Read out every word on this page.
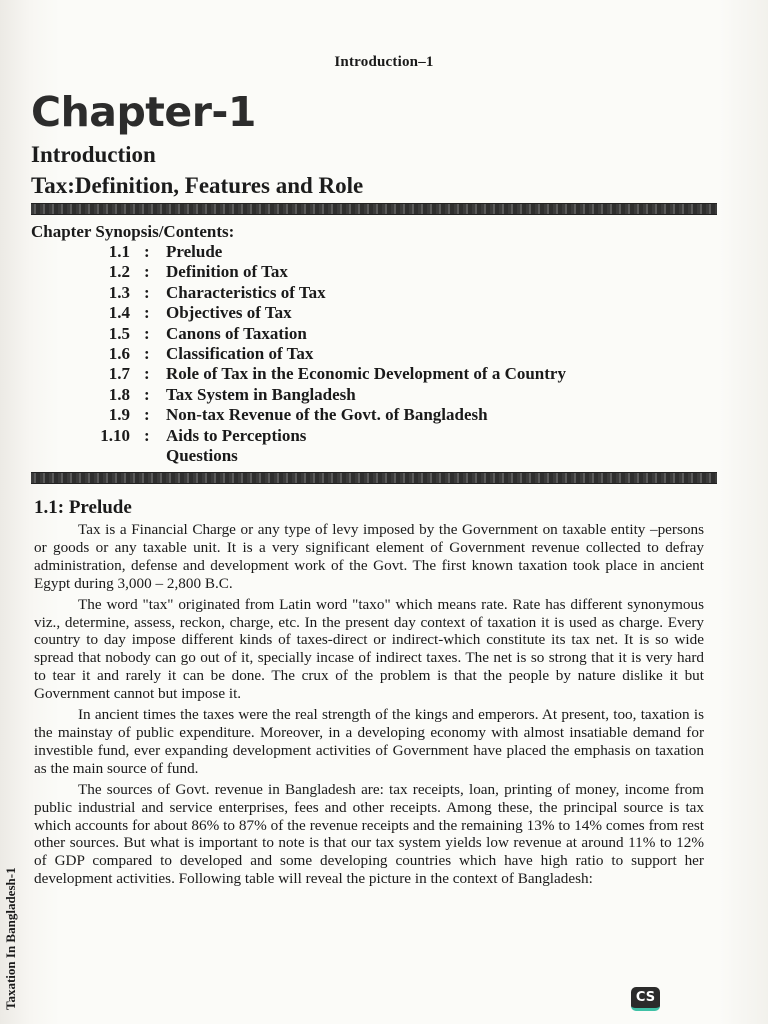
Introduction–1
Chapter-1
Introduction
Tax:Definition, Features and Role
Chapter Synopsis/Contents:
1.1 : Prelude
1.2 : Definition of Tax
1.3 : Characteristics of Tax
1.4 : Objectives of Tax
1.5 : Canons of Taxation
1.6 : Classification of Tax
1.7 : Role of Tax in the Economic Development of a Country
1.8 : Tax System in Bangladesh
1.9 : Non-tax Revenue of the Govt. of Bangladesh
1.10 : Aids to Perceptions
Questions
1.1: Prelude

Tax is a Financial Charge or any type of levy imposed by the Government on taxable entity –persons or goods or any taxable unit. It is a very significant element of Government revenue collected to defray administration, defense and development work of the Govt. The first known taxation took place in ancient Egypt during 3,000 – 2,800 B.C.

The word "tax" originated from Latin word "taxo" which means rate. Rate has different synonymous viz., determine, assess, reckon, charge, etc. In the present day context of taxation it is used as charge. Every country to day impose different kinds of taxes-direct or indirect-which constitute its tax net. It is so wide spread that nobody can go out of it, specially incase of indirect taxes. The net is so strong that it is very hard to tear it and rarely it can be done. The crux of the problem is that the people by nature dislike it but Government cannot but impose it.

In ancient times the taxes were the real strength of the kings and emperors. At present, too, taxation is the mainstay of public expenditure. Moreover, in a developing economy with almost insatiable demand for investible fund, ever expanding development activities of Government have placed the emphasis on taxation as the main source of fund.

The sources of Govt. revenue in Bangladesh are: tax receipts, loan, printing of money, income from public industrial and service enterprises, fees and other receipts. Among these, the principal source is tax which accounts for about 86% to 87% of the revenue receipts and the remaining 13% to 14% comes from rest other sources. But what is important to note is that our tax system yields low revenue at around 11% to 12% of GDP compared to developed and some developing countries which have high ratio to support her development activities. Following table will reveal the picture in the context of Bangladesh:

Taxation In Bangladesh-1	CS
